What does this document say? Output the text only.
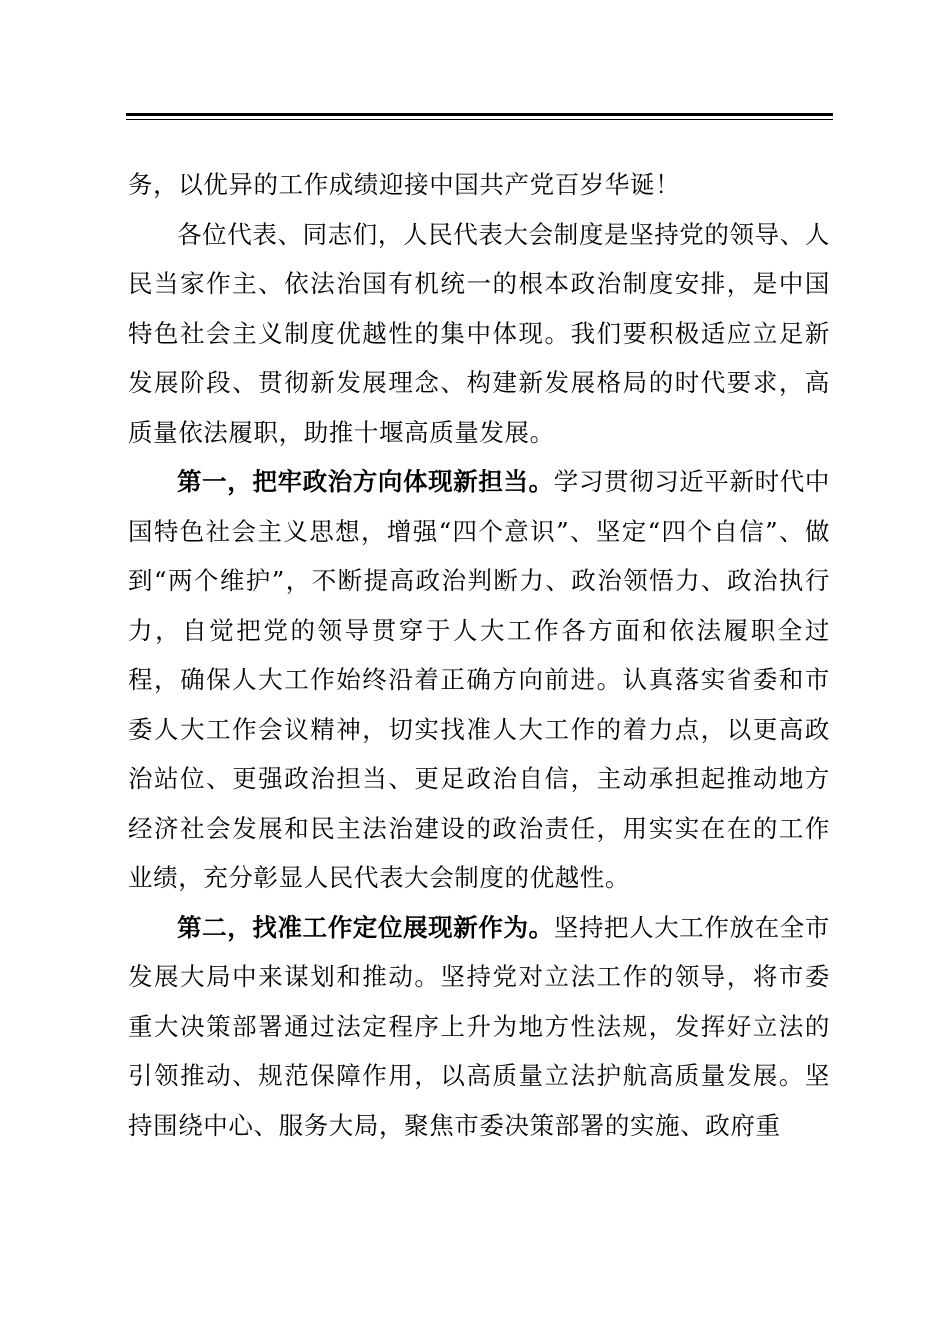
务，以优异的工作成绩迎接中国共产党百岁华诞！

各位代表、同志们，人民代表大会制度是坚持党的领导、人民当家作主、依法治国有机统一的根本政治制度安排，是中国特色社会主义制度优越性的集中体现。我们要积极适应立足新发展阶段、贯彻新发展理念、构建新发展格局的时代要求，高质量依法履职，助推十堰高质量发展。

第一，把牢政治方向体现新担当。学习贯彻习近平新时代中国特色社会主义思想，增强“四个意识”、坚定“四个自信”、做到“两个维护”，不断提高政治判断力、政治领悟力、政治执行力，自觉把党的领导贯穿于人大工作各方面和依法履职全过程，确保人大工作始终沿着正确方向前进。认真落实省委和市委人大工作会议精神，切实找准人大工作的着力点，以更高政治站位、更强政治担当、更足政治自信，主动承担起推动地方经济社会发展和民主法治建设的政治责任，用实实在在的工作业绩，充分彰显人民代表大会制度的优越性。

第二，找准工作定位展现新作为。坚持把人大工作放在全市发展大局中来谋划和推动。坚持党对立法工作的领导，将市委重大决策部署通过法定程序上升为地方性法规，发挥好立法的引领推动、规范保障作用，以高质量立法护航高质量发展。坚持围绕中心、服务大局，聚焦市委决策部署的实施、政府重
